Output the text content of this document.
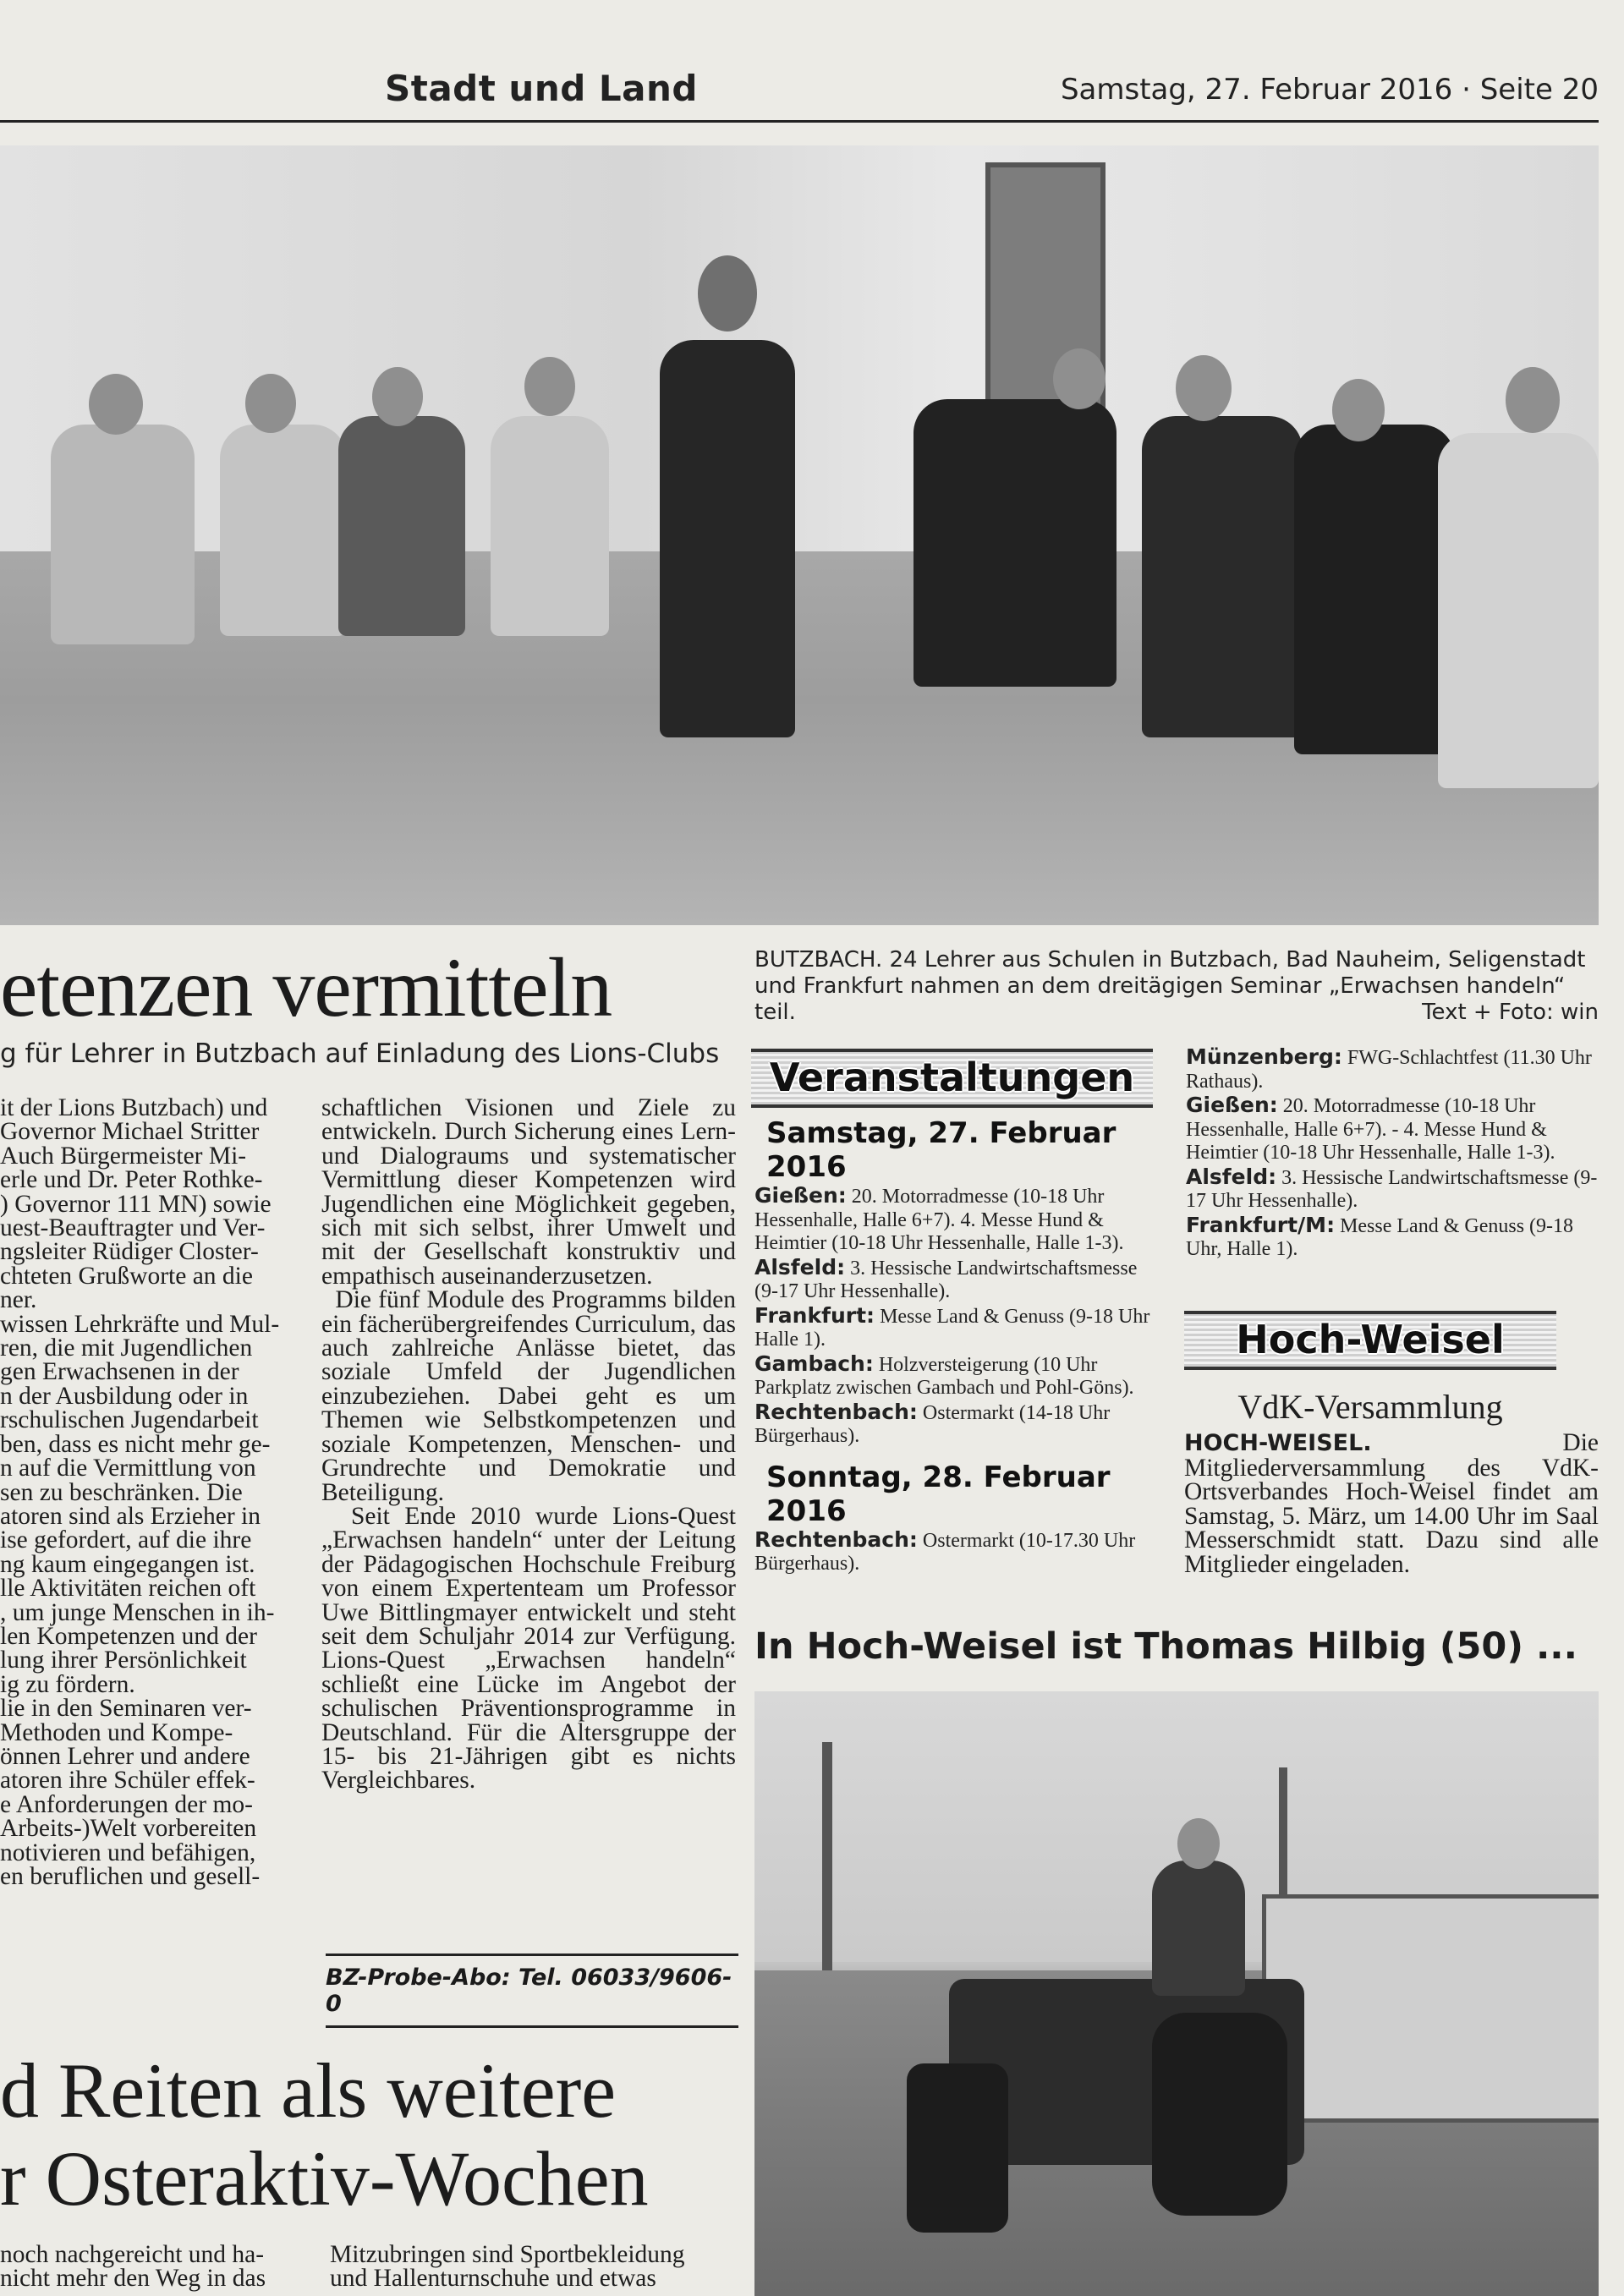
Stadt und Land	Samstag, 27. Februar 2016 · Seite 20
etenzen vermitteln
g für Lehrer in Butzbach auf Einladung des Lions-Clubs
it der Lions Butzbach) und
Governor Michael Stritter
Auch Bürgermeister Mi-
erle und Dr. Peter Rothke-
) Governor 111 MN) sowie
uest-Beauftragter und Ver-
ngsleiter Rüdiger Closter-
chteten Grußworte an die
ner.
wissen Lehrkräfte und Mul-
ren, die mit Jugendlichen
gen Erwachsenen in der
n der Ausbildung oder in
rschulischen Jugendarbeit
ben, dass es nicht mehr ge-
n auf die Vermittlung von
sen zu beschränken. Die
atoren sind als Erzieher in
ise gefordert, auf die ihre
ng kaum eingegangen ist.
lle Aktivitäten reichen oft
, um junge Menschen in ih-
len Kompetenzen und der
lung ihrer Persönlichkeit
ig zu fördern.
lie in den Seminaren ver-
Methoden und Kompe-
önnen Lehrer und andere
atoren ihre Schüler effek-
e Anforderungen der mo-
Arbeits-)Welt vorbereiten
notivieren und befähigen,
en beruflichen und gesell-
schaftlichen Visionen und Ziele zu entwickeln. Durch Sicherung eines Lern- und Dialograums und systematischer Vermittlung dieser Kompetenzen wird Jugendlichen eine Möglichkeit gegeben, sich mit sich selbst, ihrer Umwelt und mit der Gesellschaft konstruktiv und empathisch auseinanderzusetzen.
Die fünf Module des Programms bilden ein fächerübergreifendes Curriculum, das auch zahlreiche Anlässe bietet, das soziale Umfeld der Jugendlichen einzubeziehen. Dabei geht es um Themen wie Selbstkompetenzen und soziale Kompetenzen, Menschen- und Grundrechte und Demokratie und Beteiligung.
Seit Ende 2010 wurde Lions-Quest „Erwachsen handeln“ unter der Leitung der Pädagogischen Hochschule Freiburg von einem Expertenteam um Professor Uwe Bittlingmayer entwickelt und steht seit dem Schuljahr 2014 zur Verfügung. Lions-Quest „Erwachsen handeln“ schließt eine Lücke im Angebot der schulischen Präventionsprogramme in Deutschland. Für die Altersgruppe der 15- bis 21-Jährigen gibt es nichts Vergleichbares.
BUTZBACH. 24 Lehrer aus Schulen in Butzbach, Bad Nauheim, Seligenstadt und Frankfurt nahmen an dem dreitägigen Seminar „Erwachsen handeln“ teil.	Text + Foto: win
Veranstaltungen
Samstag, 27. Februar 2016
Gießen: 20. Motorradmesse (10-18 Uhr Hessenhalle, Halle 6+7). 4. Messe Hund & Heimtier (10-18 Uhr Hessenhalle, Halle 1-3).
Alsfeld: 3. Hessische Landwirtschaftsmesse (9-17 Uhr Hessenhalle).
Frankfurt: Messe Land & Genuss (9-18 Uhr Halle 1).
Gambach: Holzversteigerung (10 Uhr Parkplatz zwischen Gambach und Pohl-Göns).
Rechtenbach: Ostermarkt (14-18 Uhr Bürgerhaus).
Sonntag, 28. Februar 2016
Rechtenbach: Ostermarkt (10-17.30 Uhr Bürgerhaus).
Münzenberg: FWG-Schlachtfest (11.30 Uhr Rathaus).
Gießen: 20. Motorradmesse (10-18 Uhr Hessenhalle, Halle 6+7). - 4. Messe Hund & Heimtier (10-18 Uhr Hessenhalle, Halle 1-3).
Alsfeld: 3. Hessische Landwirtschaftsmesse (9-17 Uhr Hessenhalle).
Frankfurt/M: Messe Land & Genuss (9-18 Uhr, Halle 1).
Hoch-Weisel
VdK-Versammlung
HOCH-WEISEL. Die Mitgliederversammlung des VdK-Ortsverbandes Hoch-Weisel findet am Samstag, 5. März, um 14.00 Uhr im Saal Messerschmidt statt. Dazu sind alle Mitglieder eingeladen.
In Hoch-Weisel ist Thomas Hilbig (50) ...
BZ-Probe-Abo: Tel. 06033/9606-0
d Reiten als weitere
r Osteraktiv-Wochen
noch nachgereicht und ha-
nicht mehr den Weg in das
Mitzubringen sind Sportbekleidung
und Hallenturnschuhe und etwas
